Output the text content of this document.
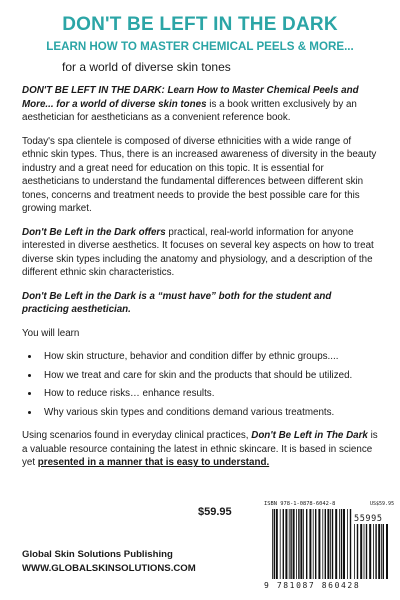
DON'T BE LEFT IN THE DARK
LEARN HOW TO MASTER CHEMICAL PEELS & MORE...
for a world of diverse skin tones

DON'T BE LEFT IN THE DARK: Learn How to Master Chemical Peels and More... for a world of diverse skin tones is a book written exclusively by an aesthetician for aestheticians as a convenient reference book.

Today's spa clientele is composed of diverse ethnicities with a wide range of ethnic skin types. Thus, there is an increased awareness of diversity in the beauty industry and a great need for education on this topic. It is essential for aestheticians to understand the fundamental differences between different skin tones, concerns and treatment needs to provide the best possible care for this growing market.

Don't Be Left in the Dark offers practical, real-world information for anyone interested in diverse aesthetics. It focuses on several key aspects on how to treat diverse skin types including the anatomy and physiology, and a description of the different ethnic skin characteristics.

Don't Be Left in the Dark is a “must have” both for the student and practicing aesthetician.

You will learn

• How skin structure, behavior and condition differ by ethnic groups....
• How we treat and care for skin and the products that should be utilized.
• How to reduce risks… enhance results.
• Why various skin types and conditions demand various treatments.

Using scenarios found in everyday clinical practices, Don't Be Left in The Dark is a valuable resource containing the latest in ethnic skincare. It is based in science yet presented in a manner that is easy to understand.

$59.95
Global Skin Solutions Publishing
WWW.GLOBALSKINSOLUTIONS.COM
ISBN 978-1-0878-6042-8	US$59.95
55995
9 781087 860428
